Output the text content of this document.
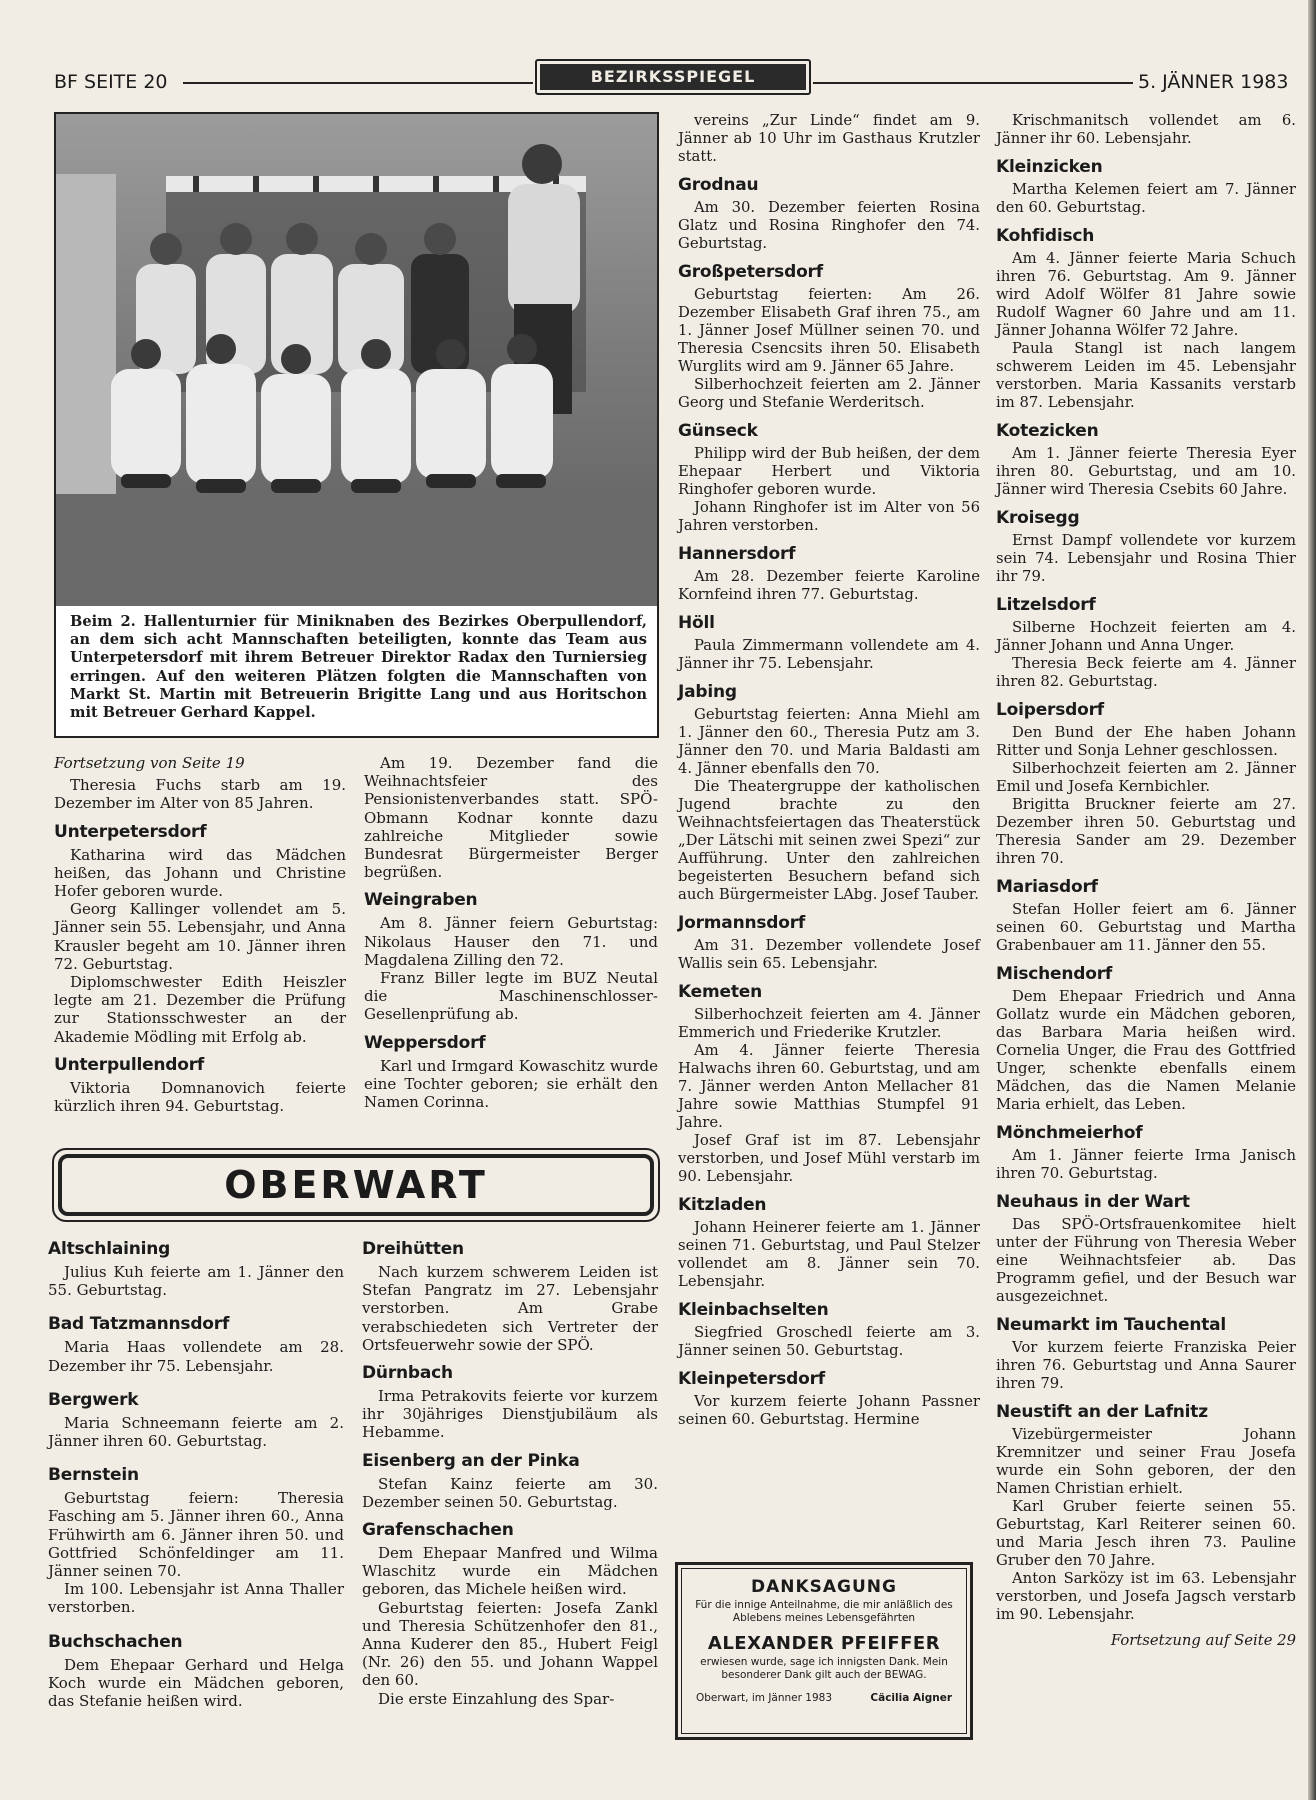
BF SEITE 20	BEZIRKSSPIEGEL	5. JÄNNER 1983

Beim 2. Hallenturnier für Miniknaben des Bezirkes Oberpullendorf, an dem sich acht Mannschaften beteiligten, konnte das Team aus Unterpetersdorf mit ihrem Betreuer Direktor Radax den Turniersieg erringen. Auf den weiteren Plätzen folgten die Mannschaften von Markt St. Martin mit Betreuerin Brigitte Lang und aus Horitschon mit Betreuer Gerhard Kappel.

Fortsetzung von Seite 19

Theresia Fuchs starb am 19. Dezember im Alter von 85 Jahren.

Unterpetersdorf

Katharina wird das Mädchen heißen, das Johann und Christine Hofer geboren wurde.

Georg Kallinger vollendet am 5. Jänner sein 55. Lebensjahr, und Anna Krausler begeht am 10. Jänner ihren 72. Geburtstag.

Diplomschwester Edith Heiszler legte am 21. Dezember die Prüfung zur Stationsschwester an der Akademie Mödling mit Erfolg ab.

Unterpullendorf

Viktoria Domnanovich feierte kürzlich ihren 94. Geburtstag.

Am 19. Dezember fand die Weihnachtsfeier des Pensionistenverbandes statt. SPÖ-Obmann Kodnar konnte dazu zahlreiche Mitglieder sowie Bundesrat Bürgermeister Berger begrüßen.

Weingraben

Am 8. Jänner feiern Geburtstag: Nikolaus Hauser den 71. und Magdalena Zilling den 72.

Franz Biller legte im BUZ Neutal die Maschinenschlosser-Gesellenprüfung ab.

Weppersdorf

Karl und Irmgard Kowaschitz wurde eine Tochter geboren; sie erhält den Namen Corinna.

OBERWART
Altschlaining

Julius Kuh feierte am 1. Jänner den 55. Geburtstag.

Bad Tatzmannsdorf

Maria Haas vollendete am 28. Dezember ihr 75. Lebensjahr.

Bergwerk

Maria Schneemann feierte am 2. Jänner ihren 60. Geburtstag.

Bernstein

Geburtstag feiern: Theresia Fasching am 5. Jänner ihren 60., Anna Frühwirth am 6. Jänner ihren 50. und Gottfried Schönfeldinger am 11. Jänner seinen 70.

Im 100. Lebensjahr ist Anna Thaller verstorben.

Buchschachen

Dem Ehepaar Gerhard und Helga Koch wurde ein Mädchen geboren, das Stefanie heißen wird.

Dreihütten

Nach kurzem schwerem Leiden ist Stefan Pangratz im 27. Lebensjahr verstorben. Am Grabe verabschiedeten sich Vertreter der Ortsfeuerwehr sowie der SPÖ.

Dürnbach

Irma Petrakovits feierte vor kurzem ihr 30jähriges Dienstjubiläum als Hebamme.

Eisenberg an der Pinka

Stefan Kainz feierte am 30. Dezember seinen 50. Geburtstag.

Grafenschachen

Dem Ehepaar Manfred und Wilma Wlaschitz wurde ein Mädchen geboren, das Michele heißen wird.

Geburtstag feierten: Josefa Zankl und Theresia Schützenhofer den 81., Anna Kuderer den 85., Hubert Feigl (Nr. 26) den 55. und Johann Wappel den 60.

Die erste Einzahlung des Spar-

vereins „Zur Linde“ findet am 9. Jänner ab 10 Uhr im Gasthaus Krutzler statt.

Grodnau

Am 30. Dezember feierten Rosina Glatz und Rosina Ringhofer den 74. Geburtstag.

Großpetersdorf

Geburtstag feierten: Am 26. Dezember Elisabeth Graf ihren 75., am 1. Jänner Josef Müllner seinen 70. und Theresia Csencsits ihren 50. Elisabeth Wurglits wird am 9. Jänner 65 Jahre.

Silberhochzeit feierten am 2. Jänner Georg und Stefanie Werderitsch.

Günseck

Philipp wird der Bub heißen, der dem Ehepaar Herbert und Viktoria Ringhofer geboren wurde.

Johann Ringhofer ist im Alter von 56 Jahren verstorben.

Hannersdorf

Am 28. Dezember feierte Karoline Kornfeind ihren 77. Geburtstag.

Höll

Paula Zimmermann vollendete am 4. Jänner ihr 75. Lebensjahr.

Jabing

Geburtstag feierten: Anna Miehl am 1. Jänner den 60., Theresia Putz am 3. Jänner den 70. und Maria Baldasti am 4. Jänner ebenfalls den 70.

Die Theatergruppe der katholischen Jugend brachte zu den Weihnachtsfeiertagen das Theaterstück „Der Lätschi mit seinen zwei Spezi“ zur Aufführung. Unter den zahlreichen begeisterten Besuchern befand sich auch Bürgermeister LAbg. Josef Tauber.

Jormannsdorf

Am 31. Dezember vollendete Josef Wallis sein 65. Lebensjahr.

Kemeten

Silberhochzeit feierten am 4. Jänner Emmerich und Friederike Krutzler.

Am 4. Jänner feierte Theresia Halwachs ihren 60. Geburtstag, und am 7. Jänner werden Anton Mellacher 81 Jahre sowie Matthias Stumpfel 91 Jahre.

Josef Graf ist im 87. Lebensjahr verstorben, und Josef Mühl verstarb im 90. Lebensjahr.

Kitzladen

Johann Heinerer feierte am 1. Jänner seinen 71. Geburtstag, und Paul Stelzer vollendet am 8. Jänner sein 70. Lebensjahr.

Kleinbachselten

Siegfried Groschedl feierte am 3. Jänner seinen 50. Geburtstag.

Kleinpetersdorf

Vor kurzem feierte Johann Passner seinen 60. Geburtstag. Hermine

DANKSAGUNG
Für die innige Anteilnahme, die mir anläßlich des Ablebens meines Lebensgefährten
ALEXANDER PFEIFFER
erwiesen wurde, sage ich innigsten Dank. Mein besonderer Dank gilt auch der BEWAG.
Oberwart, im Jänner 1983	Cäcilia Aigner

Krischmanitsch vollendet am 6. Jänner ihr 60. Lebensjahr.

Kleinzicken

Martha Kelemen feiert am 7. Jänner den 60. Geburtstag.

Kohfidisch

Am 4. Jänner feierte Maria Schuch ihren 76. Geburtstag. Am 9. Jänner wird Adolf Wölfer 81 Jahre sowie Rudolf Wagner 60 Jahre und am 11. Jänner Johanna Wölfer 72 Jahre.

Paula Stangl ist nach langem schwerem Leiden im 45. Lebensjahr verstorben. Maria Kassanits verstarb im 87. Lebensjahr.

Kotezicken

Am 1. Jänner feierte Theresia Eyer ihren 80. Geburtstag, und am 10. Jänner wird Theresia Csebits 60 Jahre.

Kroisegg

Ernst Dampf vollendete vor kurzem sein 74. Lebensjahr und Rosina Thier ihr 79.

Litzelsdorf

Silberne Hochzeit feierten am 4. Jänner Johann und Anna Unger.

Theresia Beck feierte am 4. Jänner ihren 82. Geburtstag.

Loipersdorf

Den Bund der Ehe haben Johann Ritter und Sonja Lehner geschlossen.

Silberhochzeit feierten am 2. Jänner Emil und Josefa Kernbichler.

Brigitta Bruckner feierte am 27. Dezember ihren 50. Geburtstag und Theresia Sander am 29. Dezember ihren 70.

Mariasdorf

Stefan Holler feiert am 6. Jänner seinen 60. Geburtstag und Martha Grabenbauer am 11. Jänner den 55.

Mischendorf

Dem Ehepaar Friedrich und Anna Gollatz wurde ein Mädchen geboren, das Barbara Maria heißen wird. Cornelia Unger, die Frau des Gottfried Unger, schenkte ebenfalls einem Mädchen, das die Namen Melanie Maria erhielt, das Leben.

Mönchmeierhof

Am 1. Jänner feierte Irma Janisch ihren 70. Geburtstag.

Neuhaus in der Wart

Das SPÖ-Ortsfrauenkomitee hielt unter der Führung von Theresia Weber eine Weihnachtsfeier ab. Das Programm gefiel, und der Besuch war ausgezeichnet.

Neumarkt im Tauchental

Vor kurzem feierte Franziska Peier ihren 76. Geburtstag und Anna Saurer ihren 79.

Neustift an der Lafnitz

Vizebürgermeister Johann Kremnitzer und seiner Frau Josefa wurde ein Sohn geboren, der den Namen Christian erhielt.

Karl Gruber feierte seinen 55. Geburtstag, Karl Reiterer seinen 60. und Maria Jesch ihren 73. Pauline Gruber den 70 Jahre.

Anton Sarközy ist im 63. Lebensjahr verstorben, und Josefa Jagsch verstarb im 90. Lebensjahr.

Fortsetzung auf Seite 29
